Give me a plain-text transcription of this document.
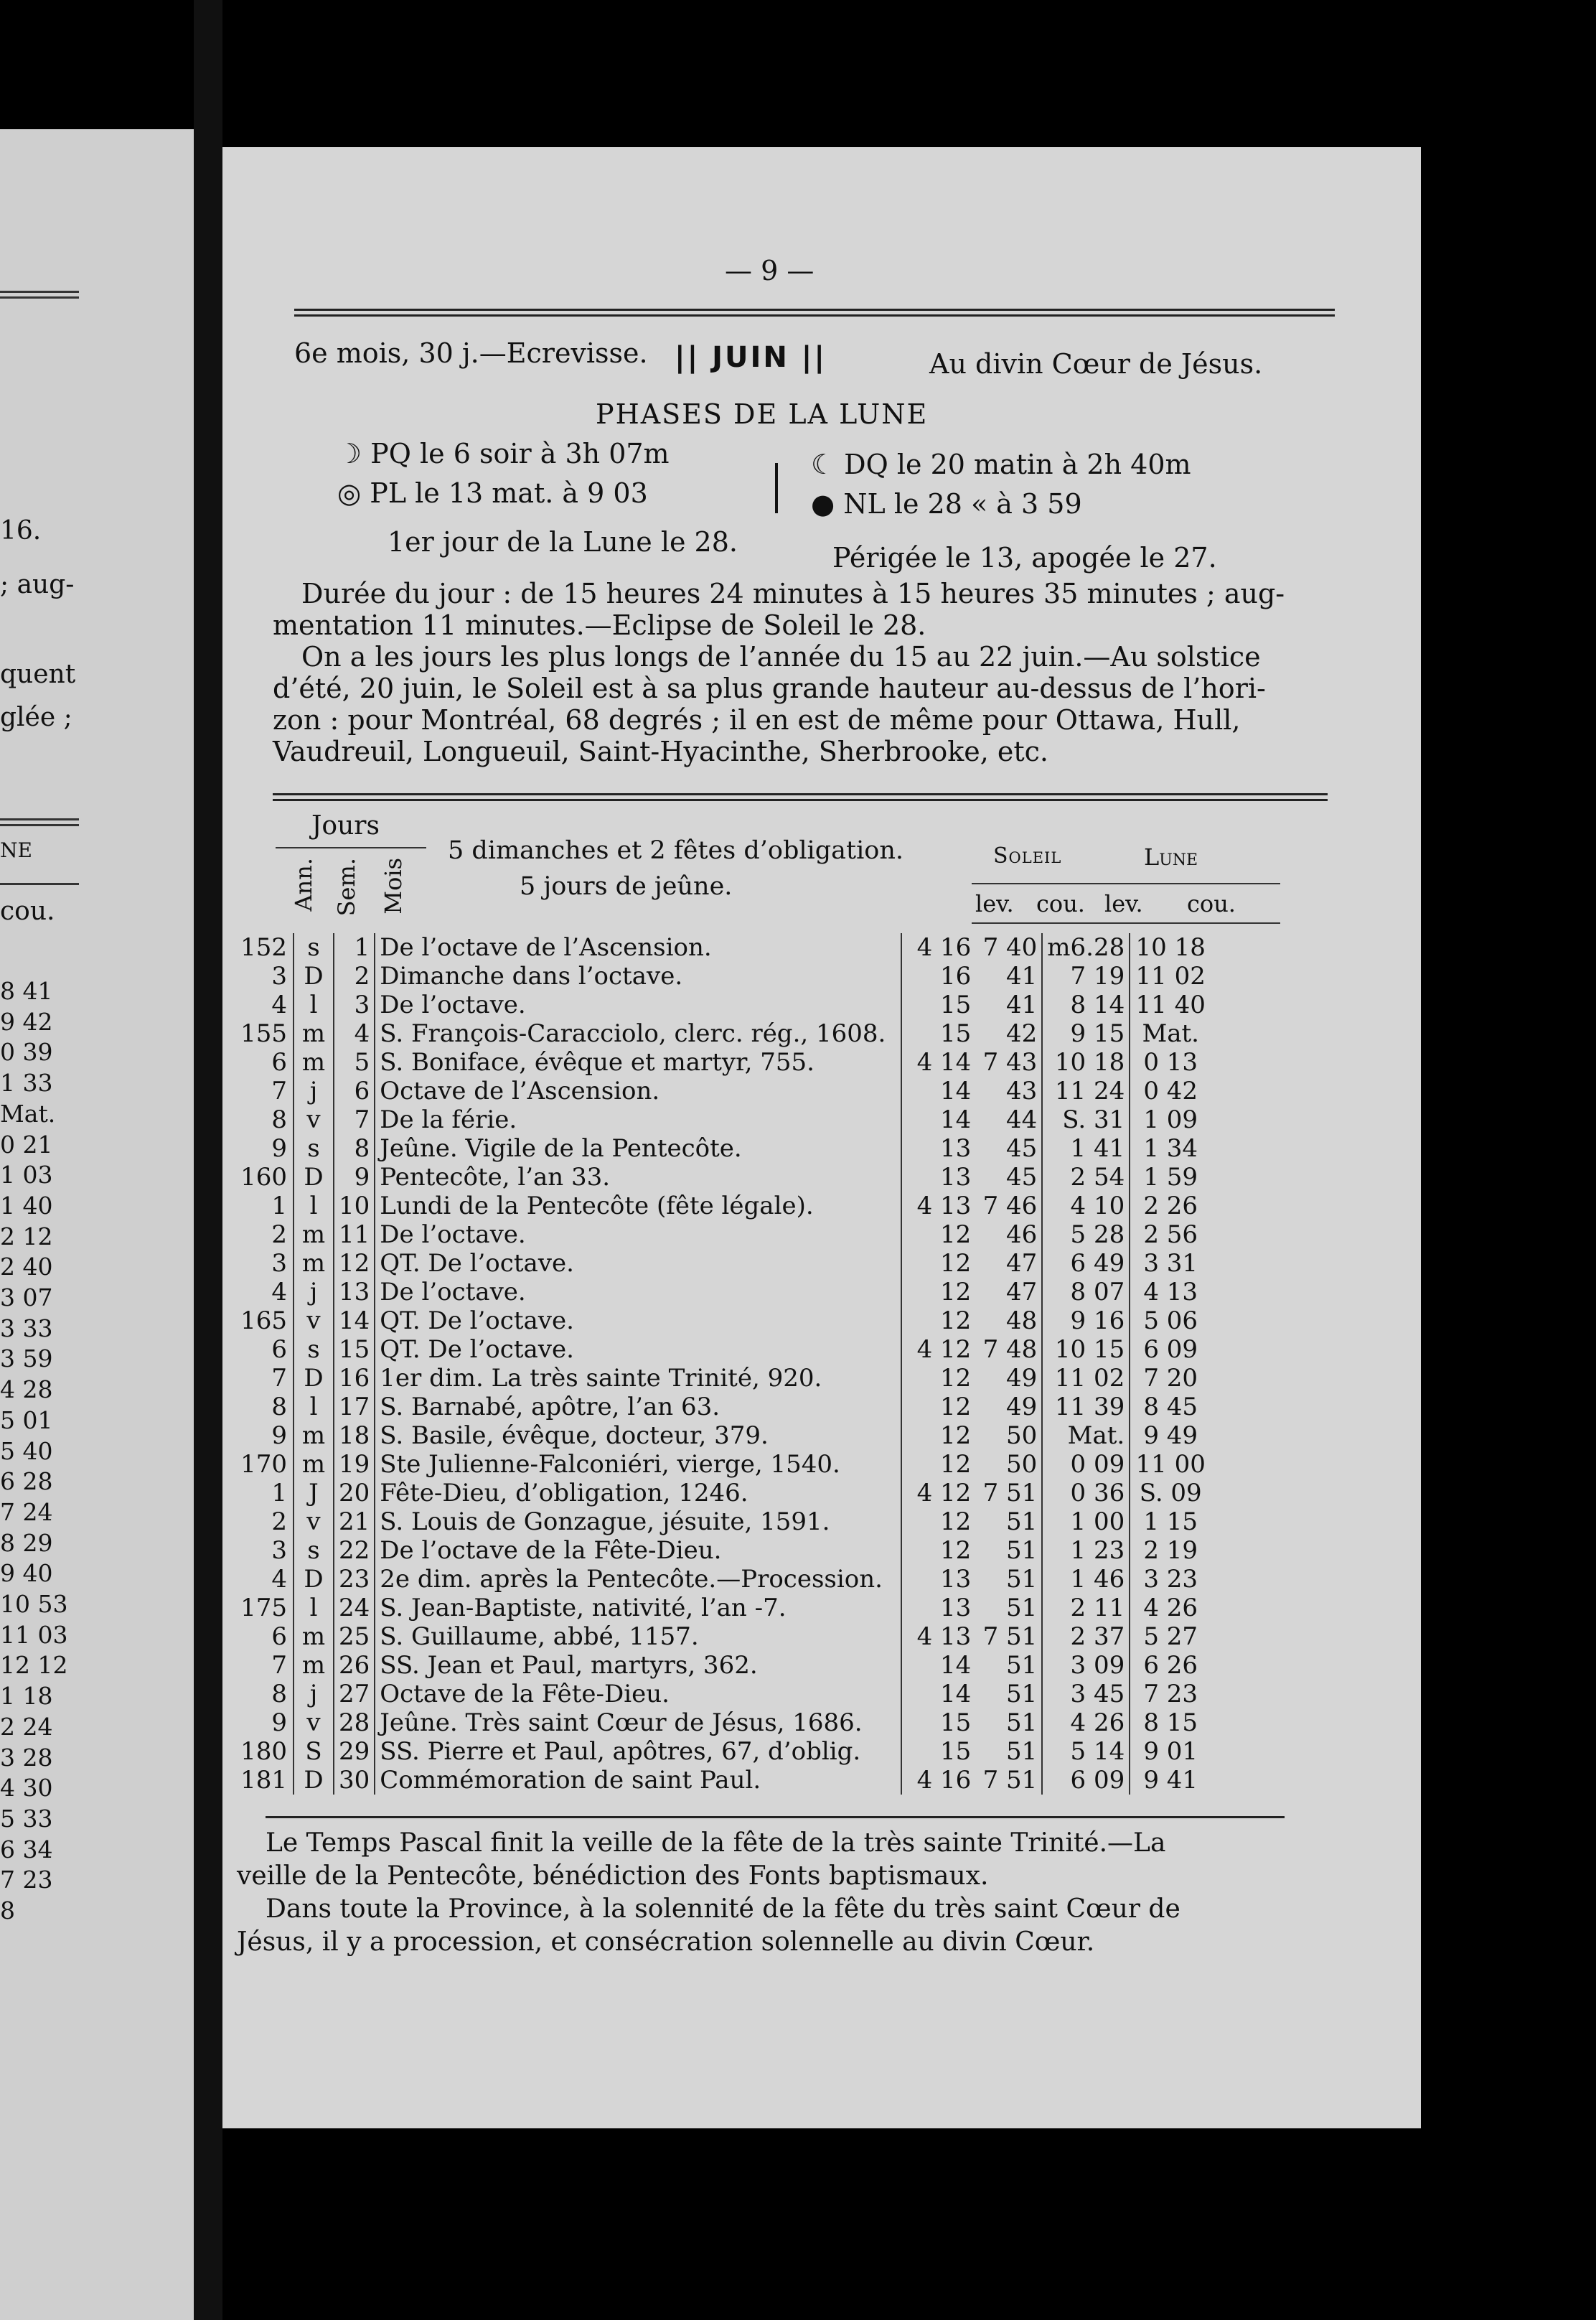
16.
; aug-
quent
glée ;
NE
cou.
8 41
9 42
0 39
1 33
Mat.
0 21
1 03
1 40
2 12
2 40
3 07
3 33
3 59
4 28
5 01
5 40
6 28
7 24
8 29
9 40
10 53
11 03
12 12
1 18
2 24
3 28
4 30
5 33
6 34
7 23
8
— 9 —
6e mois, 30 j.—Ecrevisse. || JUIN ||	Au divin Cœur de Jésus.
PHASES DE LA LUNE
☽ PQ le 6 soir à 3h 07m
◎ PL le 13 mat. à 9 03
1er jour de la Lune le 28.
☾ DQ le 20 matin à 2h 40m
● NL le 28 « à 3 59
Périgée le 13, apogée le 27.
Durée du jour : de 15 heures 24 minutes à 15 heures 35 minutes ; aug-
mentation 11 minutes.—Eclipse de Soleil le 28.
On a les jours les plus longs de l’année du 15 au 22 juin.—Au solstice
d’été, 20 juin, le Soleil est à sa plus grande hauteur au-dessus de l’hori-
zon : pour Montréal, 68 degrés ; il en est de même pour Ottawa, Hull,
Vaudreuil, Longueuil, Saint-Hyacinthe, Sherbrooke, etc.
Jours
Ann. Sem. Mois
5 dimanches et 2 fêtes d’obligation.
5 jours de jeûne.
Soleil	Lune
lev. cou. lev. cou.
152	s	1	De l’octave de l’Ascension.	4 16	7 40	m6.28	10 18
3	D	2	Dimanche dans l’octave.	16	41	7 19	11 02
4	l	3	De l’octave.	15	41	8 14	11 40
155	m	4	S. François-Caracciolo, clerc. rég., 1608.	15	42	9 15	Mat.
6	m	5	S. Boniface, évêque et martyr, 755.	4 14	7 43	10 18	0 13
7	j	6	Octave de l’Ascension.	14	43	11 24	0 42
8	v	7	De la férie.	14	44	S. 31	1 09
9	s	8	Jeûne. Vigile de la Pentecôte.	13	45	1 41	1 34
160	D	9	Pentecôte, l’an 33.	13	45	2 54	1 59
1	l	10	Lundi de la Pentecôte (fête légale).	4 13	7 46	4 10	2 26
2	m	11	De l’octave.	12	46	5 28	2 56
3	m	12	QT. De l’octave.	12	47	6 49	3 31
4	j	13	De l’octave.	12	47	8 07	4 13
165	v	14	QT. De l’octave.	12	48	9 16	5 06
6	s	15	QT. De l’octave.	4 12	7 48	10 15	6 09
7	D	16	1er dim. La très sainte Trinité, 920.	12	49	11 02	7 20
8	l	17	S. Barnabé, apôtre, l’an 63.	12	49	11 39	8 45
9	m	18	S. Basile, évêque, docteur, 379.	12	50	Mat.	9 49
170	m	19	Ste Julienne-Falconiéri, vierge, 1540.	12	50	0 09	11 00
1	J	20	Fête-Dieu, d’obligation, 1246.	4 12	7 51	0 36	S. 09
2	v	21	S. Louis de Gonzague, jésuite, 1591.	12	51	1 00	1 15
3	s	22	De l’octave de la Fête-Dieu.	12	51	1 23	2 19
4	D	23	2e dim. après la Pentecôte.—Procession.	13	51	1 46	3 23
175	l	24	S. Jean-Baptiste, nativité, l’an -7.	13	51	2 11	4 26
6	m	25	S. Guillaume, abbé, 1157.	4 13	7 51	2 37	5 27
7	m	26	SS. Jean et Paul, martyrs, 362.	14	51	3 09	6 26
8	j	27	Octave de la Fête-Dieu.	14	51	3 45	7 23
9	v	28	Jeûne. Très saint Cœur de Jésus, 1686.	15	51	4 26	8 15
180	S	29	SS. Pierre et Paul, apôtres, 67, d’oblig.	15	51	5 14	9 01
181	D	30	Commémoration de saint Paul.	4 16	7 51	6 09	9 41
Le Temps Pascal finit la veille de la fête de la très sainte Trinité.—La
veille de la Pentecôte, bénédiction des Fonts baptismaux.
Dans toute la Province, à la solennité de la fête du très saint Cœur de
Jésus, il y a procession, et consécration solennelle au divin Cœur.
